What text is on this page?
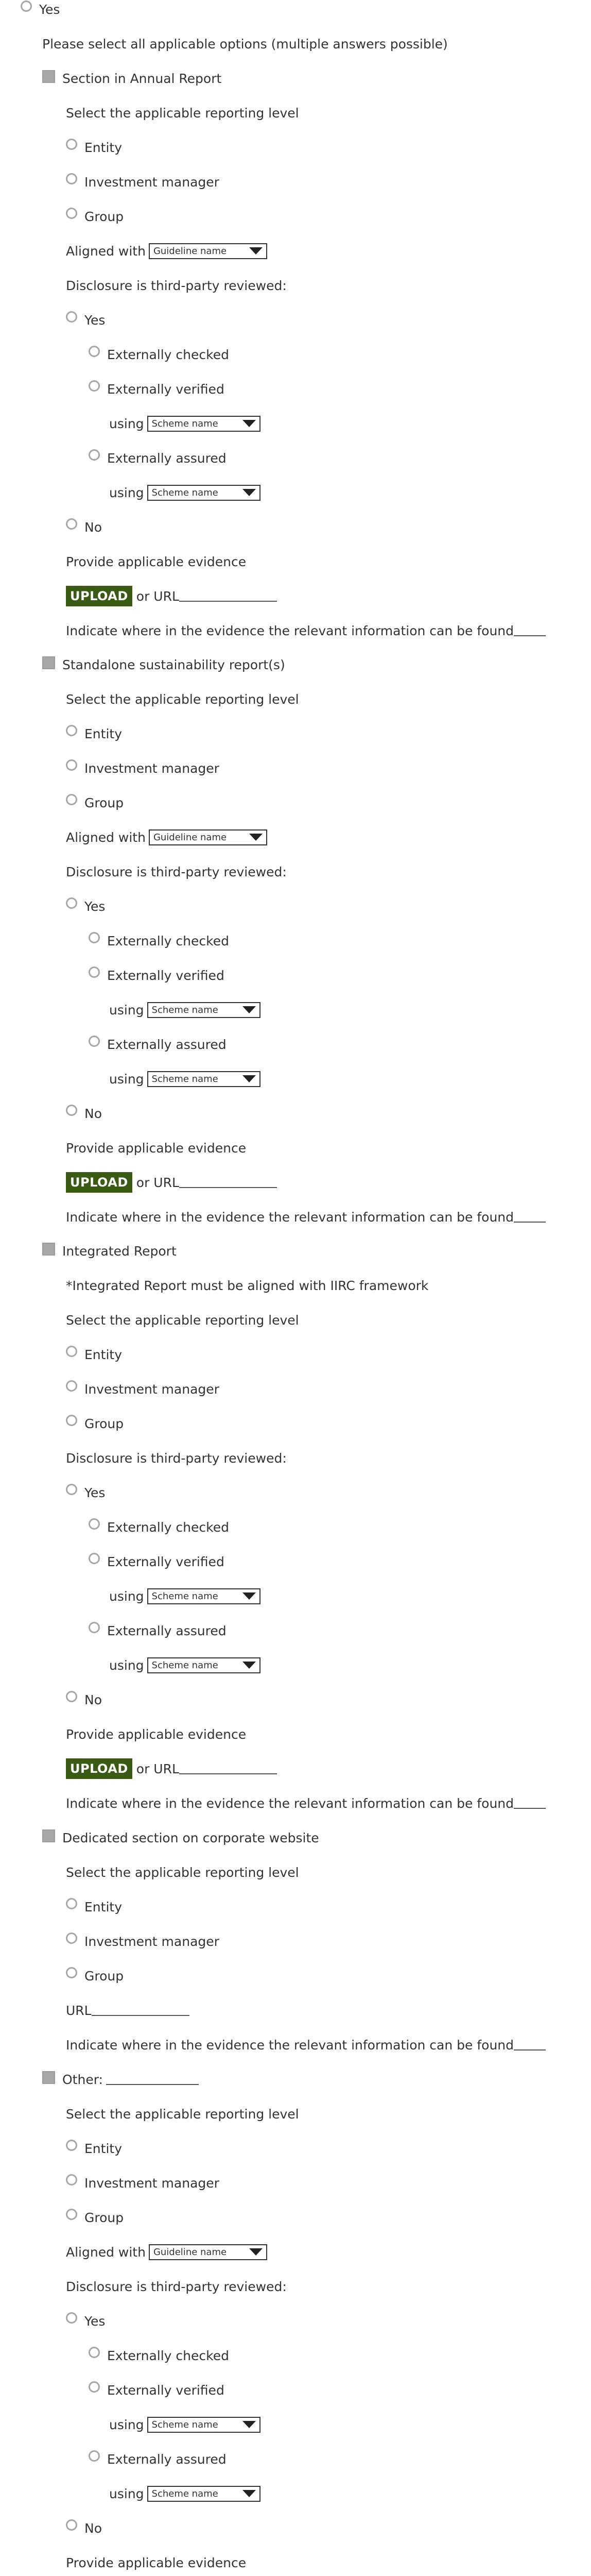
Yes
Please select all applicable options (multiple answers possible)
Section in Annual Report
Select the applicable reporting level
Entity
Investment manager
Group
Aligned with Guideline name
Disclosure is third-party reviewed:
Yes
Externally checked
Externally verified
using Scheme name
Externally assured
using Scheme name
No
Provide applicable evidence
UPLOAD or URL
Indicate where in the evidence the relevant information can be found
Standalone sustainability report(s)
Select the applicable reporting level
Entity
Investment manager
Group
Aligned with Guideline name
Disclosure is third-party reviewed:
Yes
Externally checked
Externally verified
using Scheme name
Externally assured
using Scheme name
No
Provide applicable evidence
UPLOAD or URL
Indicate where in the evidence the relevant information can be found
Integrated Report
*Integrated Report must be aligned with IIRC framework
Select the applicable reporting level
Entity
Investment manager
Group
Disclosure is third-party reviewed:
Yes
Externally checked
Externally verified
using Scheme name
Externally assured
using Scheme name
No
Provide applicable evidence
UPLOAD or URL
Indicate where in the evidence the relevant information can be found
Dedicated section on corporate website
Select the applicable reporting level
Entity
Investment manager
Group
URL
Indicate where in the evidence the relevant information can be found
Other:
Select the applicable reporting level
Entity
Investment manager
Group
Aligned with Guideline name
Disclosure is third-party reviewed:
Yes
Externally checked
Externally verified
using Scheme name
Externally assured
using Scheme name
No
Provide applicable evidence
